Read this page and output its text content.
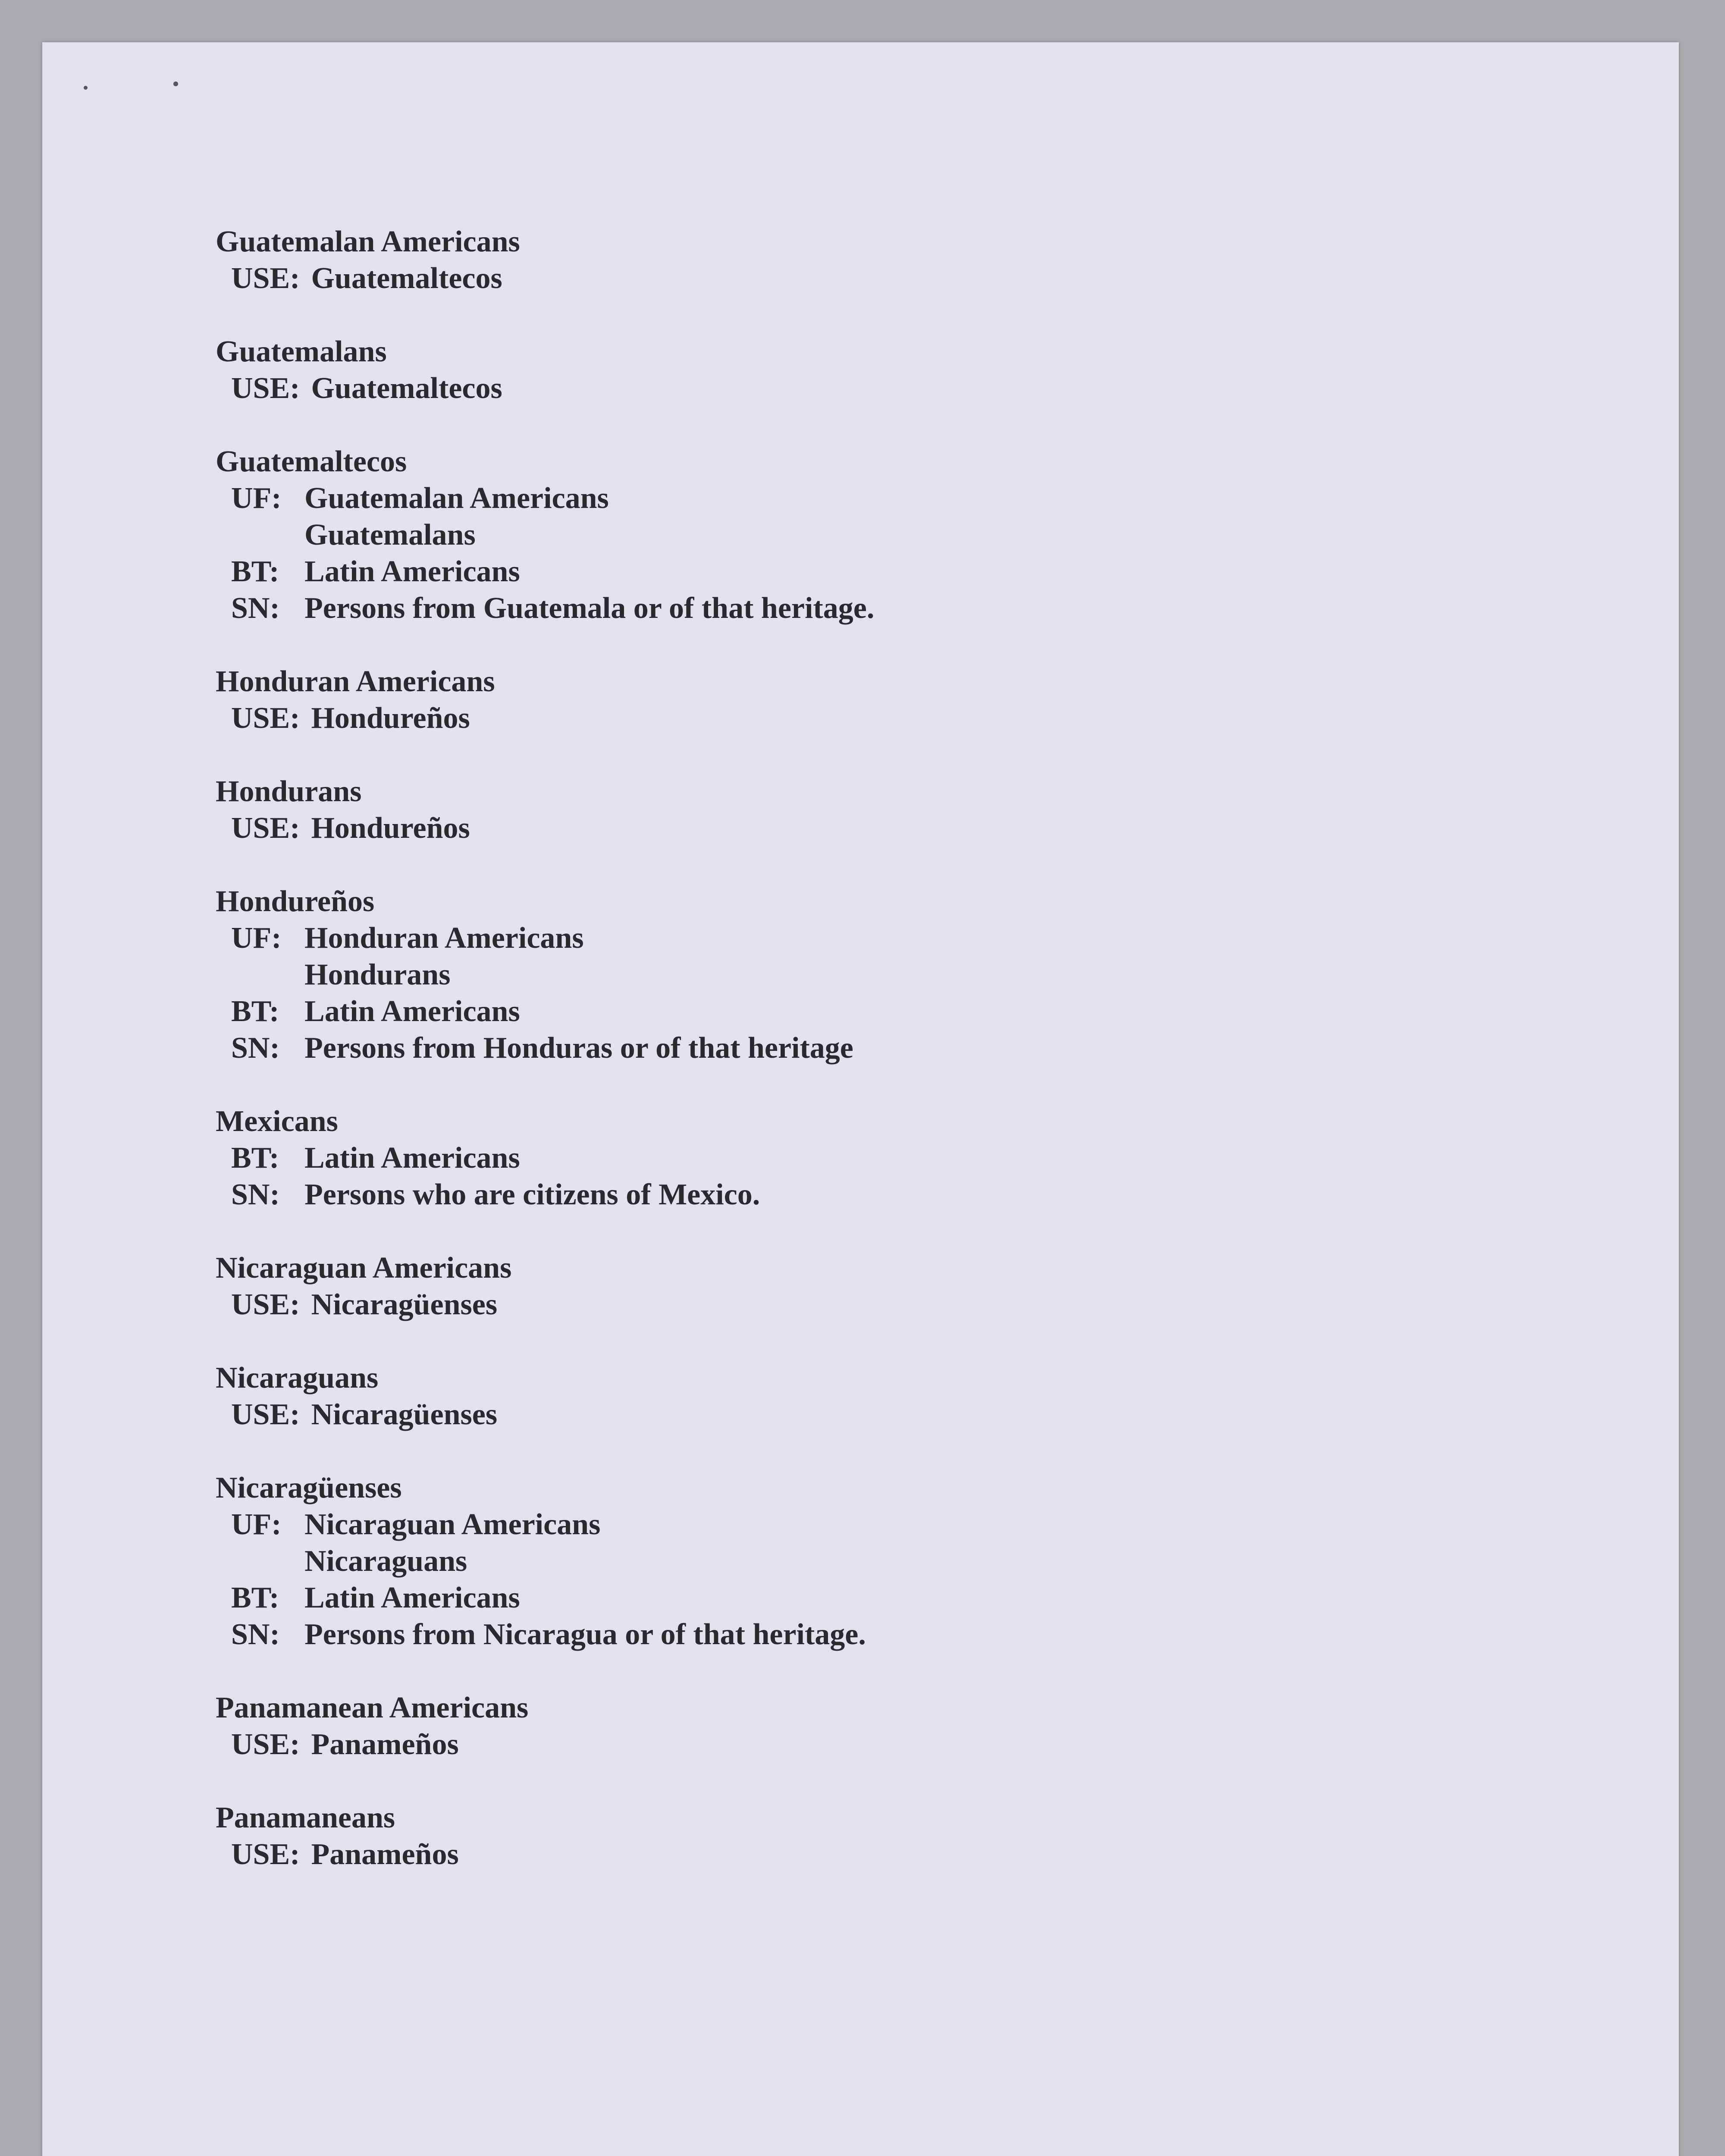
Guatemalan Americans
USE: Guatemaltecos
Guatemalans
USE: Guatemaltecos
Guatemaltecos
UF: Guatemalan Americans
Guatemalans
BT: Latin Americans
SN: Persons from Guatemala or of that heritage.
Honduran Americans
USE: Hondureños
Hondurans
USE: Hondureños
Hondureños
UF: Honduran Americans
Hondurans
BT: Latin Americans
SN: Persons from Honduras or of that heritage
Mexicans
BT: Latin Americans
SN: Persons who are citizens of Mexico.
Nicaraguan Americans
USE: Nicaragüenses
Nicaraguans
USE: Nicaragüenses
Nicaragüenses
UF: Nicaraguan Americans
Nicaraguans
BT: Latin Americans
SN: Persons from Nicaragua or of that heritage.
Panamanean Americans
USE: Panameños
Panamaneans
USE: Panameños
